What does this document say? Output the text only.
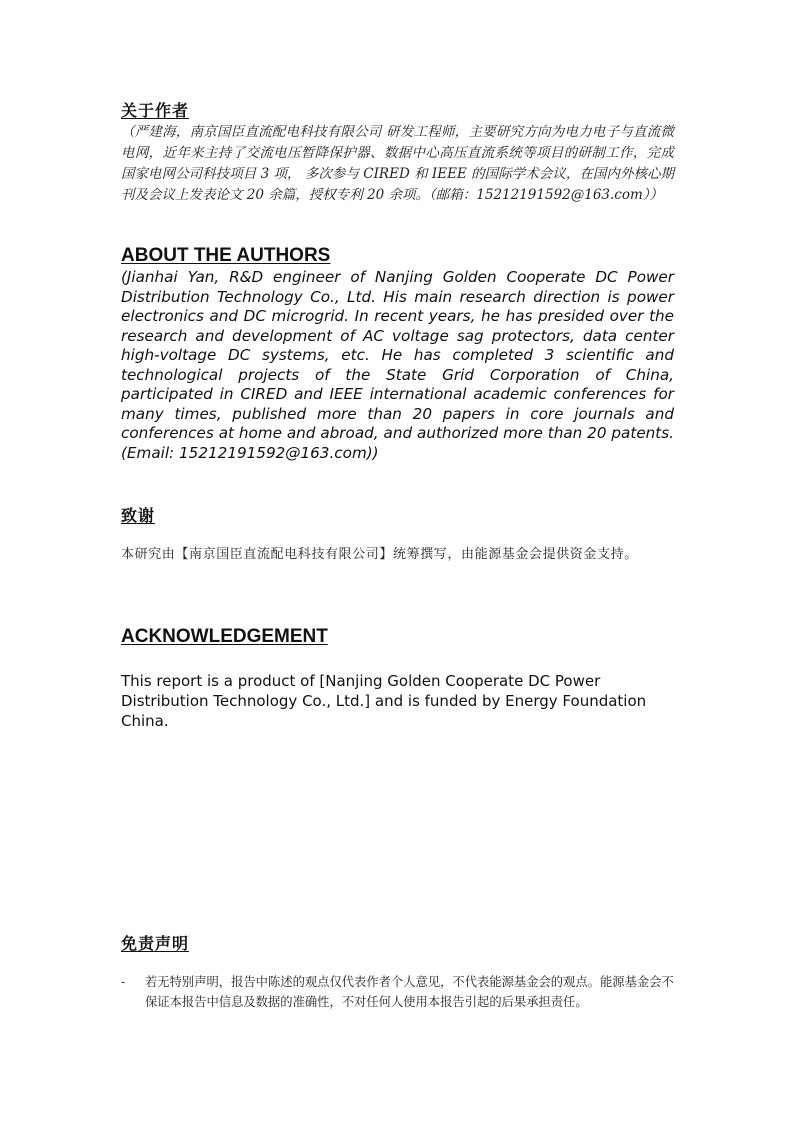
关于作者
（严建海，南京国臣直流配电科技有限公司 研发工程师，主要研究方向为电力电子与直流微电网，近年来主持了交流电压暂降保护器、数据中心高压直流系统等项目的研制工作，完成国家电网公司科技项目 3 项， 多次参与 CIRED 和 IEEE 的国际学术会议，在国内外核心期刊及会议上发表论文 20 余篇，授权专利 20 余项。（邮箱：15212191592@163.com））
ABOUT THE AUTHORS
(Jianhai Yan, R&D engineer of Nanjing Golden Cooperate DC Power Distribution Technology Co., Ltd. His main research direction is power electronics and DC microgrid. In recent years, he has presided over the research and development of AC voltage sag protectors, data center high-voltage DC systems, etc. He has completed 3 scientific and technological projects of the State Grid Corporation of China, participated in CIRED and IEEE international academic conferences for many times, published more than 20 papers in core journals and conferences at home and abroad, and authorized more than 20 patents. (Email: 15212191592@163.com))
致谢
本研究由【南京国臣直流配电科技有限公司】统筹撰写，由能源基金会提供资金支持。
ACKNOWLEDGEMENT
This report is a product of [Nanjing Golden Cooperate DC Power Distribution Technology Co., Ltd.] and is funded by Energy Foundation China.
免责声明
-	若无特别声明，报告中陈述的观点仅代表作者个人意见，不代表能源基金会的观点。能源基金会不保证本报告中信息及数据的准确性，不对任何人使用本报告引起的后果承担责任。
